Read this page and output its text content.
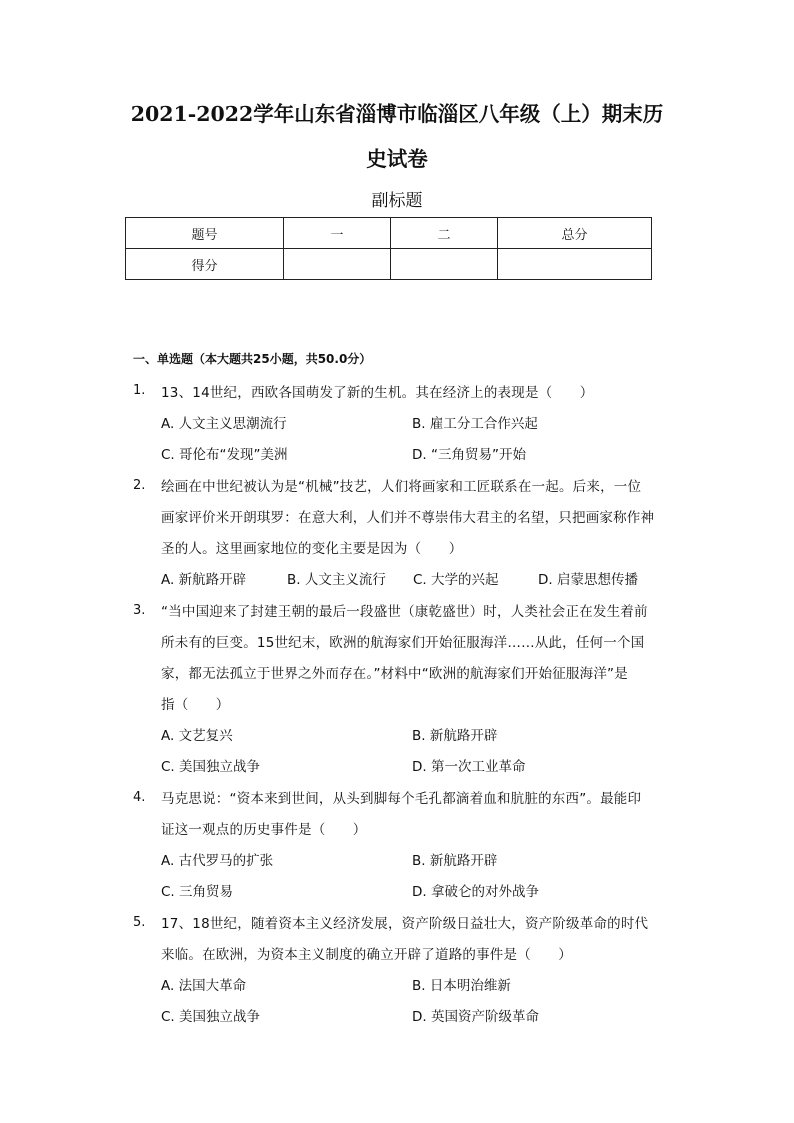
2021-2022学年山东省淄博市临淄区八年级（上）期末历
史试卷
副标题
题号	一	二	总分
得分			
一、单选题（本大题共25小题，共50.0分）
1. 13、14世纪，西欧各国萌发了新的生机。其在经济上的表现是（　　）
A. 人文主义思潮流行	B. 雇工分工合作兴起
C. 哥伦布“发现”美洲	D. “三角贸易”开始
2. 绘画在中世纪被认为是“机械”技艺，人们将画家和工匠联系在一起。后来，一位
画家评价米开朗琪罗：在意大利，人们并不尊崇伟大君主的名望，只把画家称作神
圣的人。这里画家地位的变化主要是因为（　　）
A. 新航路开辟	B. 人文主义流行 C. 大学的兴起	D. 启蒙思想传播
3. “当中国迎来了封建王朝的最后一段盛世（康乾盛世）时，人类社会正在发生着前
所未有的巨变。15世纪末，欧洲的航海家们开始征服海洋……从此，任何一个国
家，都无法孤立于世界之外而存在。”材料中“欧洲的航海家们开始征服海洋”是
指（　　）
A. 文艺复兴	B. 新航路开辟
C. 美国独立战争	D. 第一次工业革命
4. 马克思说：“资本来到世间，从头到脚每个毛孔都滴着血和肮脏的东西”。最能印
证这一观点的历史事件是（　　）
A. 古代罗马的扩张	B. 新航路开辟
C. 三角贸易	D. 拿破仑的对外战争
5. 17、18世纪，随着资本主义经济发展，资产阶级日益壮大，资产阶级革命的时代
来临。在欧洲，为资本主义制度的确立开辟了道路的事件是（　　）
A. 法国大革命	B. 日本明治维新
C. 美国独立战争	D. 英国资产阶级革命
